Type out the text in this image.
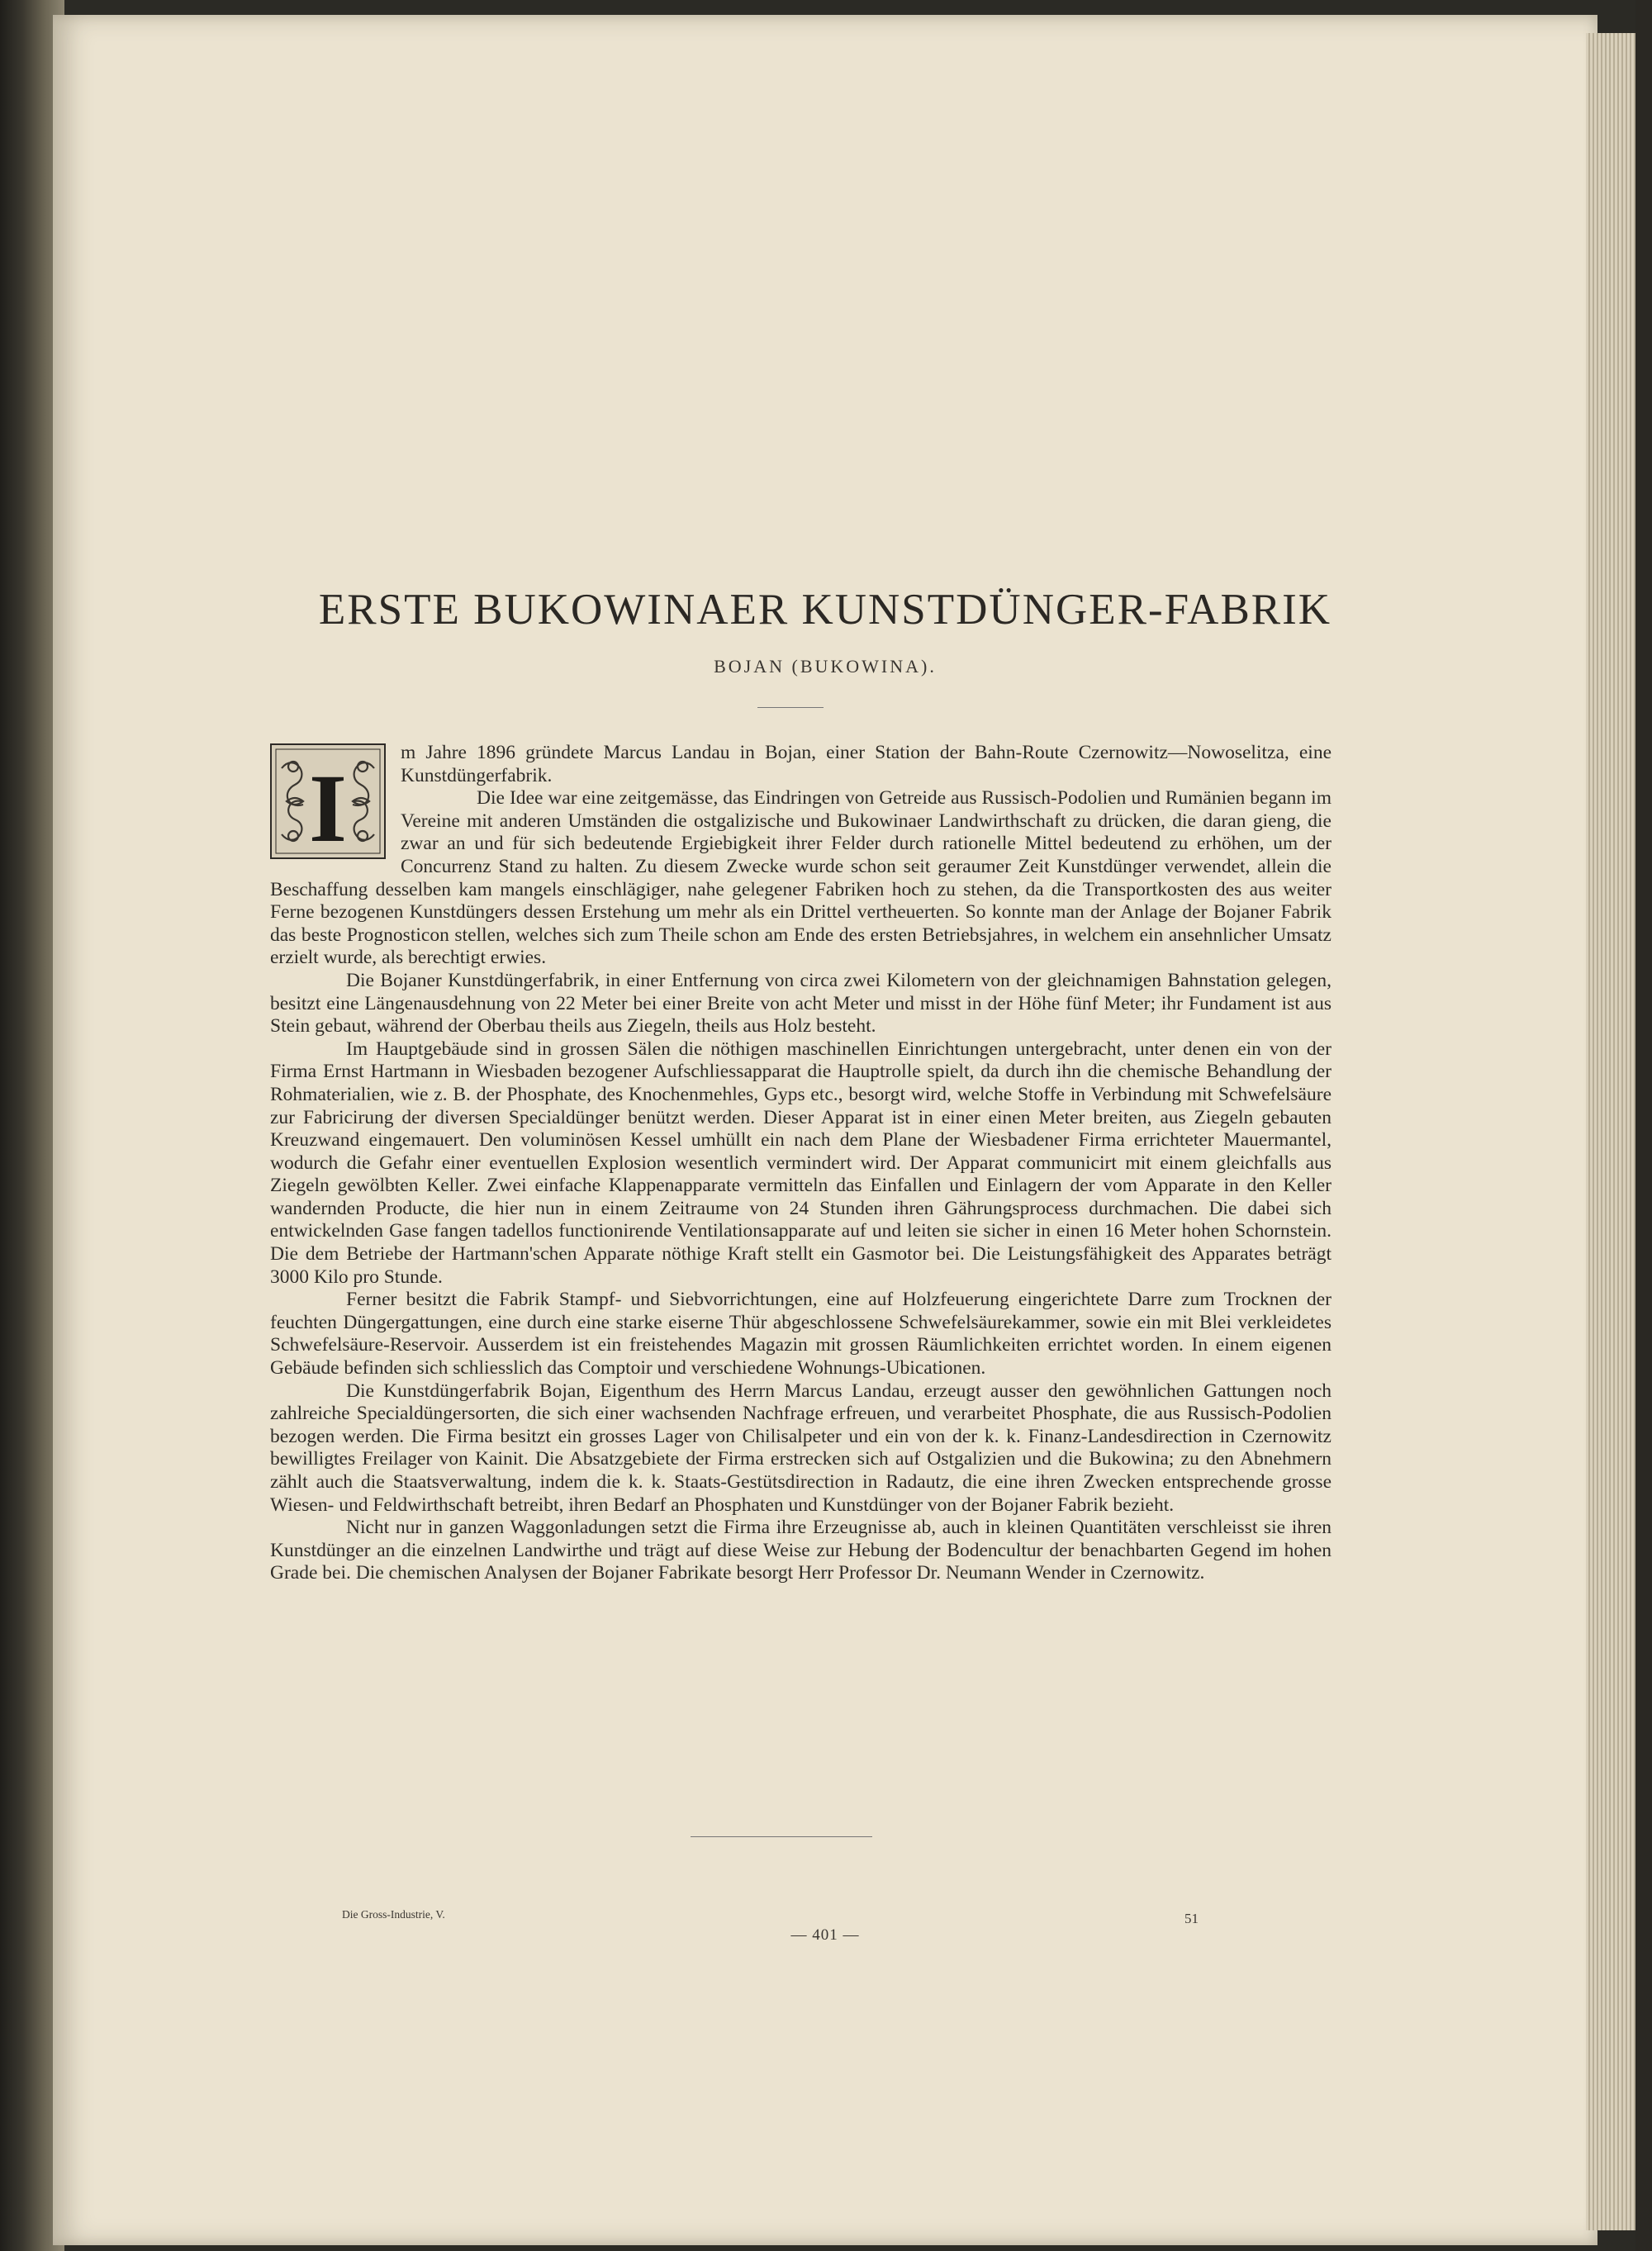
ERSTE BUKOWINAER KUNSTDÜNGER-FABRIK
BOJAN (BUKOWINA).
I

m Jahre 1896 gründete Marcus Landau in Bojan, einer Station der Bahn-Route Czernowitz—Nowoselitza, eine Kunstdüngerfabrik.

Die Idee war eine zeitgemässe, das Eindringen von Getreide aus Russisch-Podolien und Rumänien begann im Vereine mit anderen Umständen die ostgalizische und Bukowinaer Landwirthschaft zu drücken, die daran gieng, die zwar an und für sich bedeutende Ergiebigkeit ihrer Felder durch rationelle Mittel bedeutend zu erhöhen, um der Concurrenz Stand zu halten. Zu diesem Zwecke wurde schon seit geraumer Zeit Kunstdünger verwendet, allein die Beschaffung desselben kam mangels einschlägiger, nahe gelegener Fabriken hoch zu stehen, da die Transportkosten des aus weiter Ferne bezogenen Kunstdüngers dessen Erstehung um mehr als ein Drittel vertheuerten. So konnte man der Anlage der Bojaner Fabrik das beste Prognosticon stellen, welches sich zum Theile schon am Ende des ersten Betriebsjahres, in welchem ein ansehnlicher Umsatz erzielt wurde, als berechtigt erwies.

Die Bojaner Kunstdüngerfabrik, in einer Entfernung von circa zwei Kilometern von der gleichnamigen Bahnstation gelegen, besitzt eine Längenausdehnung von 22 Meter bei einer Breite von acht Meter und misst in der Höhe fünf Meter; ihr Fundament ist aus Stein gebaut, während der Oberbau theils aus Ziegeln, theils aus Holz besteht.

Im Hauptgebäude sind in grossen Sälen die nöthigen maschinellen Einrichtungen untergebracht, unter denen ein von der Firma Ernst Hartmann in Wiesbaden bezogener Aufschliessapparat die Hauptrolle spielt, da durch ihn die chemische Behandlung der Rohmaterialien, wie z. B. der Phosphate, des Knochenmehles, Gyps etc., besorgt wird, welche Stoffe in Verbindung mit Schwefelsäure zur Fabricirung der diversen Specialdünger benützt werden. Dieser Apparat ist in einer einen Meter breiten, aus Ziegeln gebauten Kreuzwand eingemauert. Den voluminösen Kessel umhüllt ein nach dem Plane der Wiesbadener Firma errichteter Mauermantel, wodurch die Gefahr einer eventuellen Explosion wesentlich vermindert wird. Der Apparat communicirt mit einem gleichfalls aus Ziegeln gewölbten Keller. Zwei einfache Klappenapparate vermitteln das Einfallen und Einlagern der vom Apparate in den Keller wandernden Producte, die hier nun in einem Zeitraume von 24 Stunden ihren Gährungsprocess durchmachen. Die dabei sich entwickelnden Gase fangen tadellos functionirende Ventilationsapparate auf und leiten sie sicher in einen 16 Meter hohen Schornstein. Die dem Betriebe der Hartmann'schen Apparate nöthige Kraft stellt ein Gasmotor bei. Die Leistungsfähigkeit des Apparates beträgt 3000 Kilo pro Stunde.

Ferner besitzt die Fabrik Stampf- und Siebvorrichtungen, eine auf Holzfeuerung eingerichtete Darre zum Trocknen der feuchten Düngergattungen, eine durch eine starke eiserne Thür abgeschlossene Schwefelsäurekammer, sowie ein mit Blei verkleidetes Schwefelsäure-Reservoir. Ausserdem ist ein freistehendes Magazin mit grossen Räumlichkeiten errichtet worden. In einem eigenen Gebäude befinden sich schliesslich das Comptoir und verschiedene Wohnungs-Ubicationen.

Die Kunstdüngerfabrik Bojan, Eigenthum des Herrn Marcus Landau, erzeugt ausser den gewöhnlichen Gattungen noch zahlreiche Specialdüngersorten, die sich einer wachsenden Nachfrage erfreuen, und verarbeitet Phosphate, die aus Russisch-Podolien bezogen werden. Die Firma besitzt ein grosses Lager von Chilisalpeter und ein von der k. k. Finanz-Landesdirection in Czernowitz bewilligtes Freilager von Kainit. Die Absatzgebiete der Firma erstrecken sich auf Ostgalizien und die Bukowina; zu den Abnehmern zählt auch die Staatsverwaltung, indem die k. k. Staats-Gestütsdirection in Radautz, die eine ihren Zwecken entsprechende grosse Wiesen- und Feldwirthschaft betreibt, ihren Bedarf an Phosphaten und Kunstdünger von der Bojaner Fabrik bezieht.

Nicht nur in ganzen Waggonladungen setzt die Firma ihre Erzeugnisse ab, auch in kleinen Quantitäten verschleisst sie ihren Kunstdünger an die einzelnen Landwirthe und trägt auf diese Weise zur Hebung der Bodencultur der benachbarten Gegend im hohen Grade bei. Die chemischen Analysen der Bojaner Fabrikate besorgt Herr Professor Dr. Neumann Wender in Czernowitz.

Die Gross-Industrie, V.
— 401 —
51
